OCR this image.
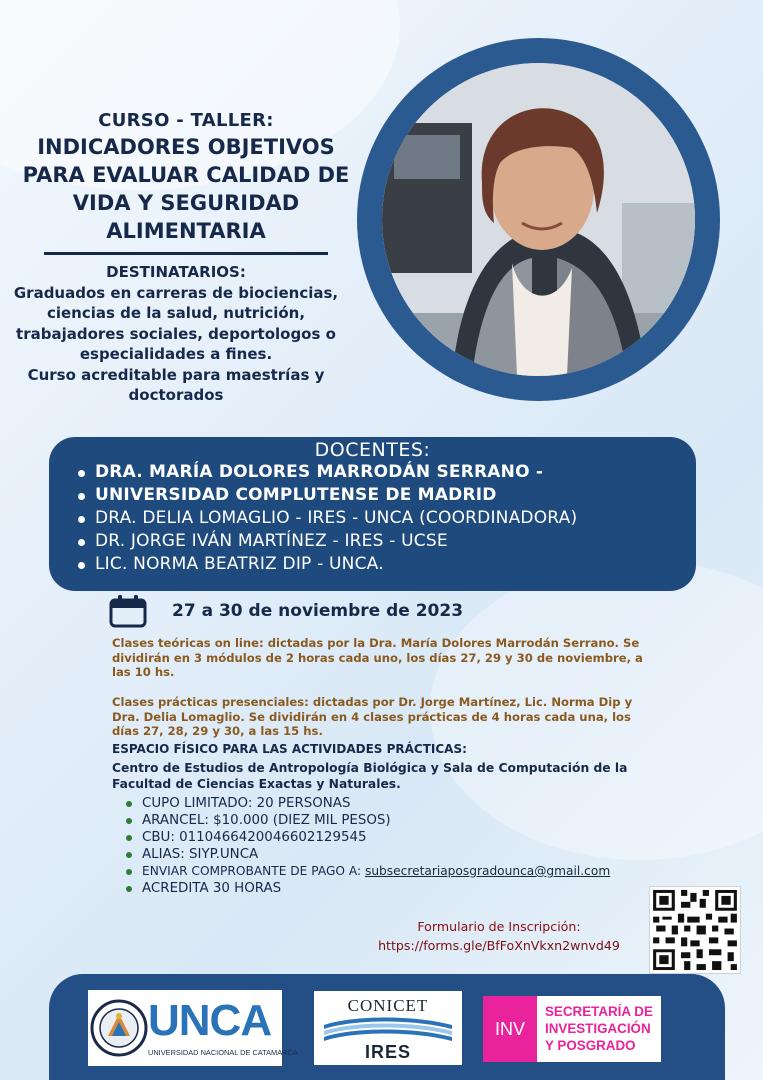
CURSO - TALLER:
INDICADORES OBJETIVOS
PARA EVALUAR CALIDAD DE
VIDA Y SEGURIDAD
ALIMENTARIA
DESTINATARIOS:
Graduados en carreras de biociencias,
ciencias de la salud, nutrición,
trabajadores sociales, deportologos o
especialidades a fines.
Curso acreditable para maestrías y
doctorados
DOCENTES:
DRA. MARÍA DOLORES MARRODÁN SERRANO -
UNIVERSIDAD COMPLUTENSE DE MADRID
DRA. DELIA LOMAGLIO - IRES - UNCA (COORDINADORA)
DR. JORGE IVÁN MARTÍNEZ - IRES - UCSE
LIC. NORMA BEATRIZ DIP - UNCA.
27 a 30 de noviembre de 2023
Clases teóricas on line: dictadas por la Dra. María Dolores Marrodán Serrano. Se dividirán en 3 módulos de 2 horas cada uno, los días 27, 29 y 30 de noviembre, a las 10 hs.
Clases prácticas presenciales: dictadas por Dr. Jorge Martínez, Lic. Norma Dip y Dra. Delia Lomaglio. Se dividirán en 4 clases prácticas de 4 horas cada una, los días 27, 28, 29 y 30, a las 15 hs.
ESPACIO FÍSICO PARA LAS ACTIVIDADES PRÁCTICAS:
Centro de Estudios de Antropología Biológica y Sala de Computación de la Facultad de Ciencias Exactas y Naturales.
CUPO LIMITADO: 20 PERSONAS
ARANCEL: $10.000 (DIEZ MIL PESOS)
CBU: 0110466420046602129545
ALIAS: SIYP.UNCA
ENVIAR COMPROBANTE DE PAGO A: subsecretariaposgradounca@gmail.com
ACREDITA 30 HORAS
Formulario de Inscripción:
https://forms.gle/BfFoXnVkxn2wnvd49
UNCA
UNIVERSIDAD NACIONAL DE CATAMARCA
CONICET
IRES
INV
SECRETARÍA DE INVESTIGACIÓN Y POSGRADO
